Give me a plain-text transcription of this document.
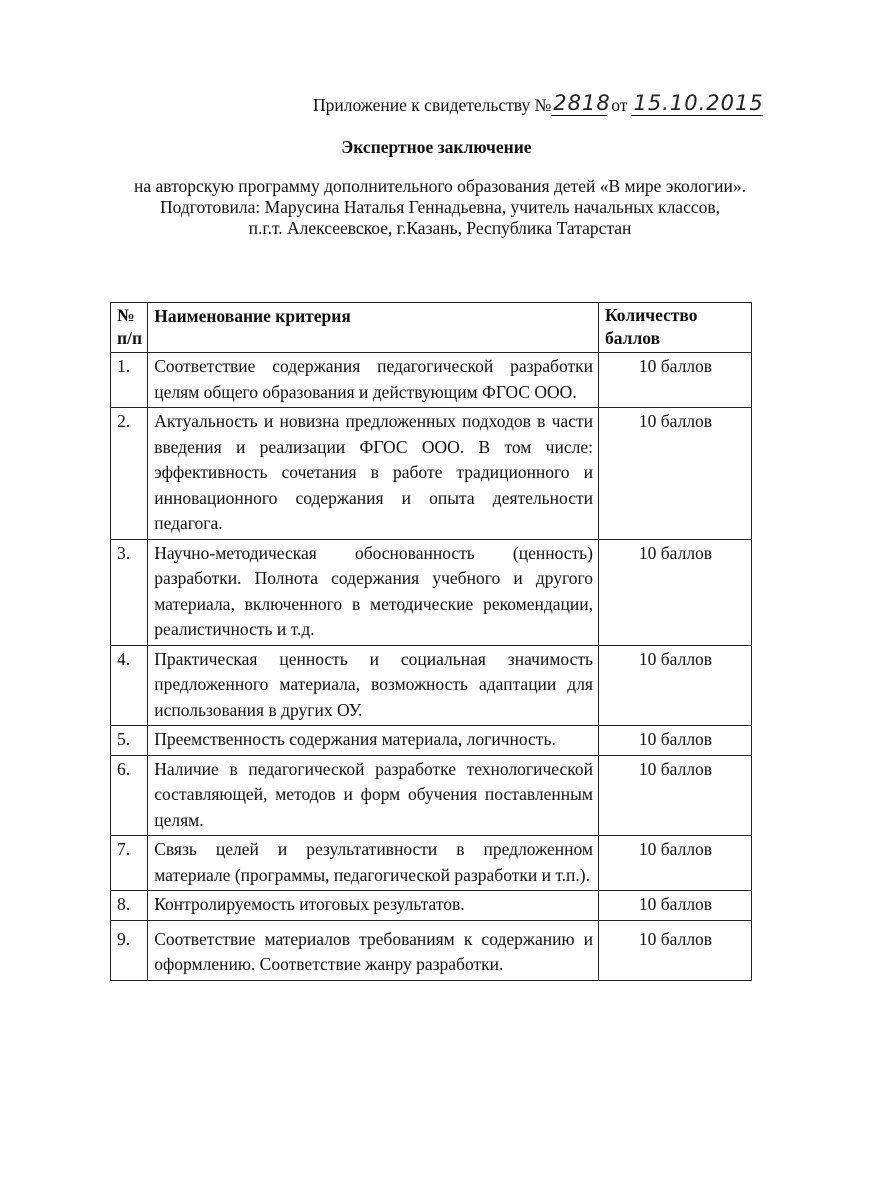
Приложение к свидетельству № 2818 от 15.10.2015
Экспертное заключение
на авторскую программу дополнительного образования детей «В мире экологии».
Подготовила: Марусина Наталья Геннадьевна, учитель начальных классов,
п.г.т. Алексеевское, г.Казань, Республика Татарстан
№ п/п	Наименование критерия	Количество баллов
1.	Соответствие содержания педагогической разработки целям общего образования и действующим ФГОС ООО.	10 баллов
2.	Актуальность и новизна предложенных подходов в части введения и реализации ФГОС ООО. В том числе: эффективность сочетания в работе традиционного и инновационного содержания и опыта деятельности педагога.	10 баллов
3.	Научно-методическая обоснованность (ценность) разработки. Полнота содержания учебного и другого материала, включенного в методические рекомендации, реалистичность и т.д.	10 баллов
4.	Практическая ценность и социальная значимость предложенного материала, возможность адаптации для использования в других ОУ.	10 баллов
5.	Преемственность содержания материала, логичность.	10 баллов
6.	Наличие в педагогической разработке технологической составляющей, методов и форм обучения поставленным целям.	10 баллов
7.	Связь целей и результативности в предложенном материале (программы, педагогической разработки и т.п.).	10 баллов
8.	Контролируемость итоговых результатов.	10 баллов
9.	Соответствие материалов требованиям к содержанию и оформлению. Соответствие жанру разработки.	10 баллов
